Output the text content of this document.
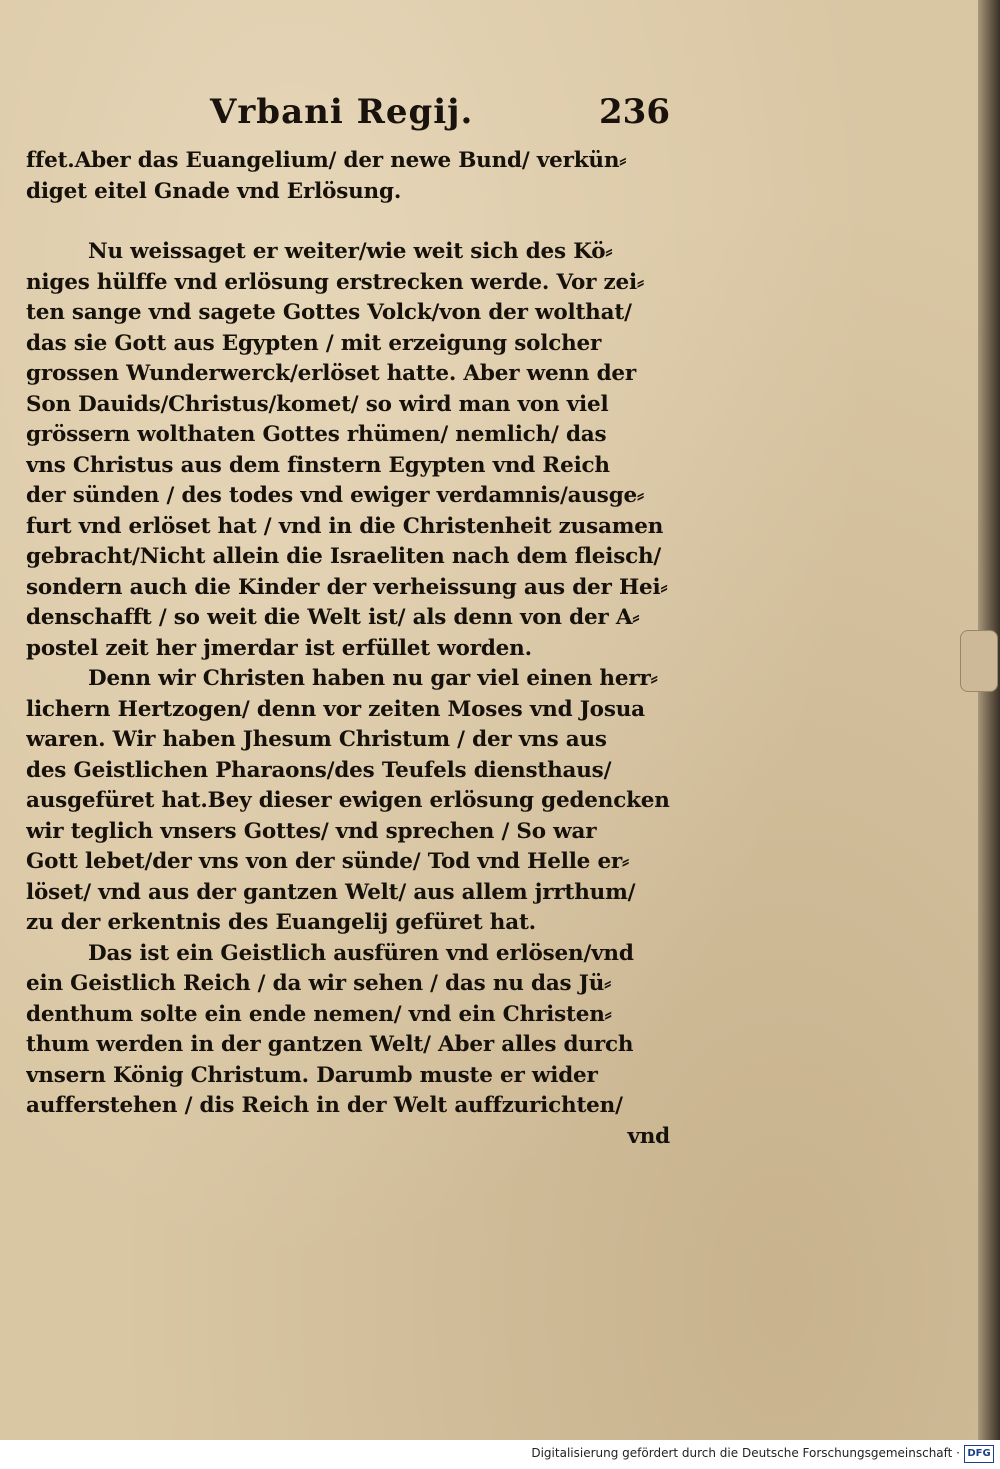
Vrbani Regij.	236
ffet.Aber das Euangelium/ der newe Bund/ verkün⸗
diget eitel Gnade vnd Erlösung.
Nu weissaget er weiter/wie weit sich des Kö⸗
niges hülffe vnd erlösung erstrecken werde. Vor zei⸗
ten sange vnd sagete Gottes Volck/von der wolthat/
das sie Gott aus Egypten / mit erzeigung solcher
grossen Wunderwerck/erlöset hatte. Aber wenn der
Son Dauids/Christus/komet/ so wird man von viel
grössern wolthaten Gottes rhümen/ nemlich/ das
vns Christus aus dem finstern Egypten vnd Reich
der sünden / des todes vnd ewiger verdamnis/ausge⸗
furt vnd erlöset hat / vnd in die Christenheit zusamen
gebracht/Nicht allein die Israeliten nach dem fleisch/
sondern auch die Kinder der verheissung aus der Hei⸗
denschafft / so weit die Welt ist/ als denn von der A⸗
postel zeit her jmerdar ist erfüllet worden.
Denn wir Christen haben nu gar viel einen herr⸗
lichern Hertzogen/ denn vor zeiten Moses vnd Josua
waren. Wir haben Jhesum Christum / der vns aus
des Geistlichen Pharaons/des Teufels diensthaus/
ausgefüret hat.Bey dieser ewigen erlösung gedencken
wir teglich vnsers Gottes/ vnd sprechen / So war
Gott lebet/der vns von der sünde/ Tod vnd Helle er⸗
löset/ vnd aus der gantzen Welt/ aus allem jrrthum/
zu der erkentnis des Euangelij gefüret hat.
Das ist ein Geistlich ausfüren vnd erlösen/vnd
ein Geistlich Reich / da wir sehen / das nu das Jü⸗
denthum solte ein ende nemen/ vnd ein Christen⸗
thum werden in der gantzen Welt/ Aber alles durch
vnsern König Christum. Darumb muste er wider
aufferstehen / dis Reich in der Welt auffzurichten/
vnd
Digitalisierung gefördert durch die Deutsche Forschungsgemeinschaft · DFG
